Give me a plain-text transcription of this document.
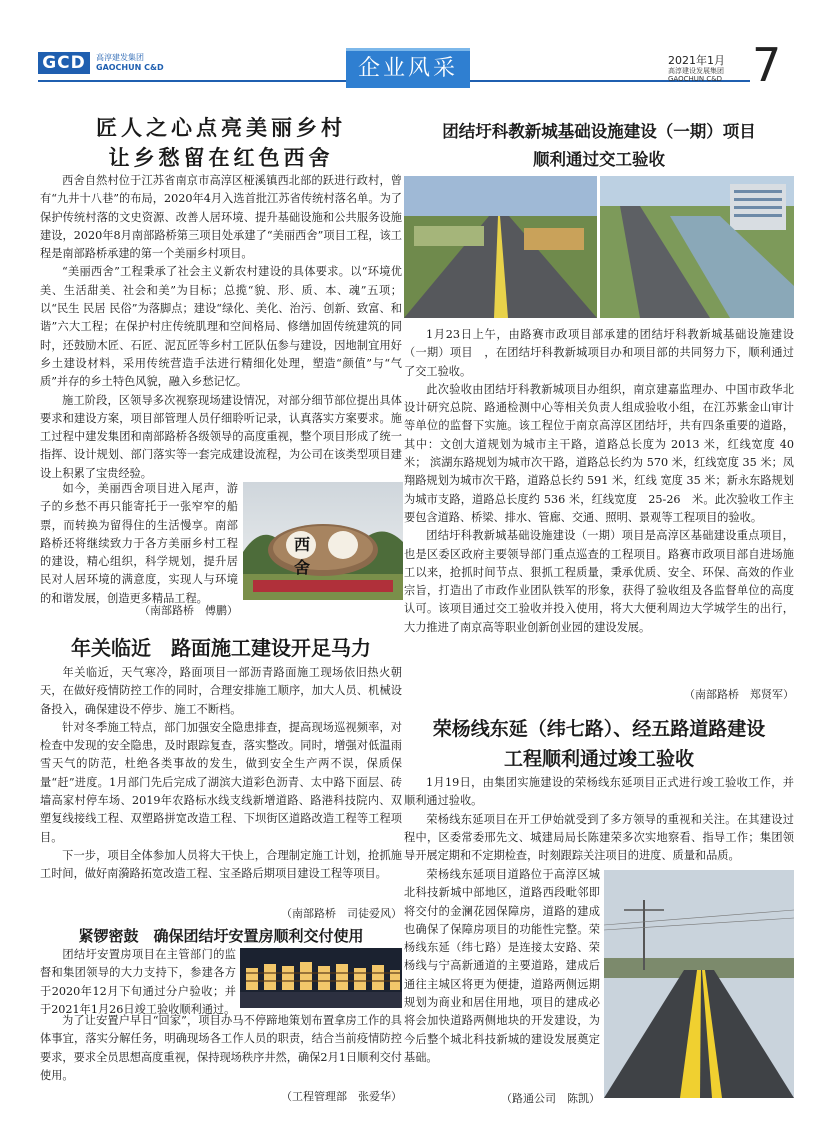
GCD	高淳建发集团
GAOCHUN C&D	企业风采	2021年1月
高淳建设发展集团
GAOCHUN C&D 7
匠人之心点亮美丽乡村
让乡愁留在红色西舍

西舍自然村位于江苏省南京市高淳区桠溪镇西北部的跃进行政村，曾有“九井十八巷”的布局，2020年4月入选首批江苏省传统村落名单。为了保护传统村落的文史资源、改善人居环境、提升基础设施和公共服务设施建设，2020年8月南部路桥第三项目处承建了“美丽西舍”项目工程，该工程是南部路桥承建的第一个美丽乡村项目。

“美丽西舍”工程秉承了社会主义新农村建设的具体要求。以“环境优美、生活甜美、社会和美”为目标；总揽“貌、形、质、本、魂”五项；以“民生 民居 民俗”为落脚点；建设“绿化、美化、治污、创新、致富、和谐”六大工程；在保护村庄传统肌理和空间格局、修缮加固传统建筑的同时，还鼓励木匠、石匠、泥瓦匠等乡村工匠队伍参与建设，因地制宜用好乡土建设材料，采用传统营造手法进行精细化处理，塑造“颜值”与“气质”并存的乡土特色风貌，融入乡愁记忆。

施工阶段，区领导多次视察现场建设情况，对部分细节部位提出具体要求和建设方案，项目部管理人员仔细聆听记录，认真落实方案要求。施工过程中建发集团和南部路桥各级领导的高度重视，整个项目形成了统一指挥、设计规划、部门落实等一套完成建设流程，为公司在该类型项目建设上积累了宝贵经验。

如今，美丽西舍项目进入尾声，游子的乡愁不再只能寄托于一张窄窄的船票，而转换为留得住的生活慢享。南部路桥还将继续致力于各方美丽乡村工程的建设，精心组织，科学规划，提升居民对人居环境的满意度，实现人与环境的和谐发展，创造更多精品工程。

西舍
（南部路桥　傅鹏）
年关临近　路面施工建设开足马力

年关临近，天气寒冷，路面项目一部沥青路面施工现场依旧热火朝天，在做好疫情防控工作的同时，合理安排施工顺序，加大人员、机械设备投入，确保建设不停步、施工不断档。

针对冬季施工特点，部门加强安全隐患排查，提高现场巡视频率，对检查中发现的安全隐患，及时跟踪复查，落实整改。同时，增强对低温雨雪天气的防范，杜绝各类事故的发生，做到安全生产两不误，保质保量“赶”进度。1月部门先后完成了湖滨大道彩色沥青、太中路下面层、砖墙高家村停车场、2019年农路标水线支线新增道路、路港科技院内、双塑复线接线工程、双塑路拼宽改造工程、下坝街区道路改造工程等工程项目。

下一步，项目全体参加人员将大干快上，合理制定施工计划，抢抓施工时间，做好南漪路拓宽改造工程、宝圣路后期项目建设工程等项目。

（南部路桥　司徒爱风）
紧锣密鼓　确保团结圩安置房顺利交付使用

团结圩安置房项目在主管部门的监督和集团领导的大力支持下，参建各方于2020年12月下旬通过分户验收；并于2021年1月26日竣工验收顺利通过。

为了让安置户早日“回家”，项目办马不停蹄地策划布置拿房工作的具体事宜，落实分解任务，明确现场各工作人员的职责，结合当前疫情防控要求，要求全员思想高度重视，保持现场秩序井然，确保2月1日顺利交付使用。

（工程管理部　张爱华）
团结圩科教新城基础设施建设（一期）项目
顺利通过交工验收

1月23日上午，由路赛市政项目部承建的团结圩科教新城基础设施建设（一期）项目　，在团结圩科教新城项目办和项目部的共同努力下，顺利通过了交工验收。

此次验收由团结圩科教新城项目办组织，南京建嘉监理办、中国市政华北设计研究总院、路通检测中心等相关负责人组成验收小组，在江苏紫金山审计等单位的监督下实施。该工程位于南京高淳区团结圩，共有四条重要的道路，其中：文创大道规划为城市主干路，道路总长度为 2013 米，红线宽度 40 米； 滨湖东路规划为城市次干路，道路总长约为 570 米，红线宽度 35 米；凤翔路规划为城市次干路，道路总长约 591 米，红线 宽度 35 米；新永东路规划为城市支路，道路总长度约 536 米，红线宽度　25-26　米。此次验收工作主要包含道路、桥梁、排水、管廊、交通、照明、景观等工程项目的验收。

团结圩科教新城基础设施建设（一期）项目是高淳区基础建设重点项目，也是区委区政府主要领导部门重点巡查的工程项目。路赛市政项目部自进场施工以来，抢抓时间节点、狠抓工程质量，秉承优质、安全、环保、高效的作业宗旨，打造出了市政作业团队铁军的形象，获得了验收组及各监督单位的高度认可。该项目通过交工验收并投入使用，将大大便利周边大学城学生的出行，大力推进了南京高等职业创新创业园的建设发展。

（南部路桥　郑贤军）
荣杨线东延（纬七路）、经五路道路建设
工程顺利通过竣工验收

1月19日，由集团实施建设的荣杨线东延项目正式进行竣工验收工作，并顺利通过验收。

荣杨线东延项目在开工伊始就受到了多方领导的重视和关注。在其建设过程中，区委常委邢先文、城建局局长陈建荣多次实地察看、指导工作；集团领导开展定期和不定期检查，时刻跟踪关注项目的进度、质量和品质。

荣杨线东延项目道路位于高淳区城北科技新城中部地区，道路西段毗邻即将交付的金澜花园保障房，道路的建成也确保了保障房项目的功能性完整。荣杨线东延（纬七路）是连接太安路、荣杨线与宁高新通道的主要道路，建成后通往主城区将更为便捷，道路两侧远期规划为商业和居住用地，项目的建成必将会加快道路两侧地块的开发建设，为今后整个城北科技新城的建设发展奠定基础。

（路通公司　陈凯）
